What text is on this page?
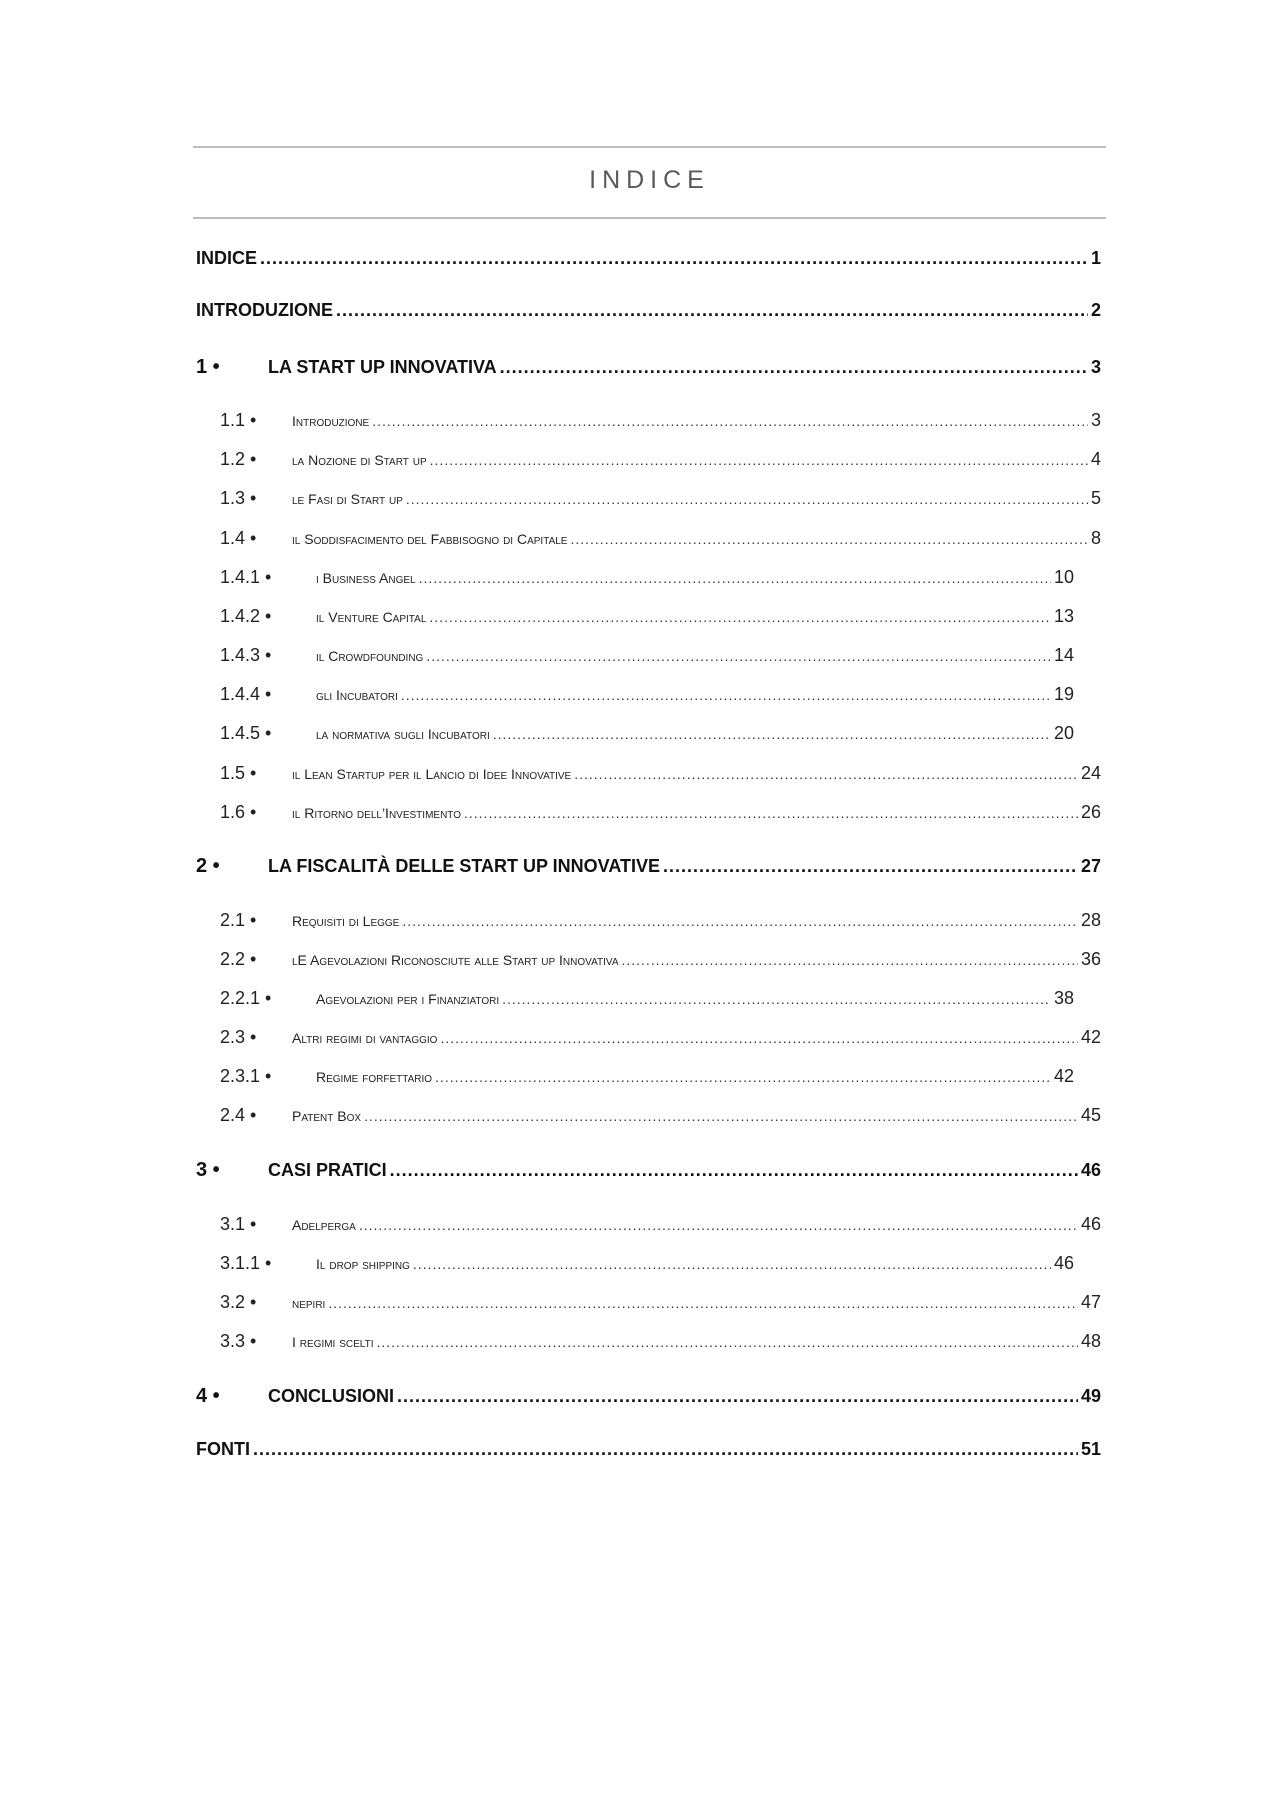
INDICE
INDICE .....	1
INTRODUZIONE .....	2
1 •	LA START UP INNOVATIVA .....	3
1.1 •	Introduzione .....	3
1.2 •	la Nozione di Start up .....	4
1.3 •	le Fasi di Start up .....	5
1.4 •	il Soddisfacimento del Fabbisogno di Capitale .....	8
1.4.1 •	i Business Angel .....	10
1.4.2 •	il Venture Capital .....	13
1.4.3 •	il Crowdfounding .....	14
1.4.4 •	gli Incubatori .....	19
1.4.5 •	la normativa sugli Incubatori .....	20
1.5 •	il Lean Startup per il Lancio di Idee Innovative .....	24
1.6 •	il Ritorno dell’Investimento .....	26
2 •	LA FISCALITÀ DELLE START UP INNOVATIVE .....	27
2.1 •	Requisiti di Legge .....	28
2.2 •	lE Agevolazioni Riconosciute alle Start up Innovativa .....	36
2.2.1 •	Agevolazioni per i Finanziatori .....	38
2.3 •	Altri regimi di vantaggio .....	42
2.3.1 •	Regime forfettario .....	42
2.4 •	Patent Box .....	45
3 •	CASI PRATICI .....	46
3.1 •	Adelperga .....	46
3.1.1 •	Il drop shipping .....	46
3.2 •	nepiri .....	47
3.3 •	I regimi scelti .....	48
4 •	CONCLUSIONI .....	49
FONTI .....	51
